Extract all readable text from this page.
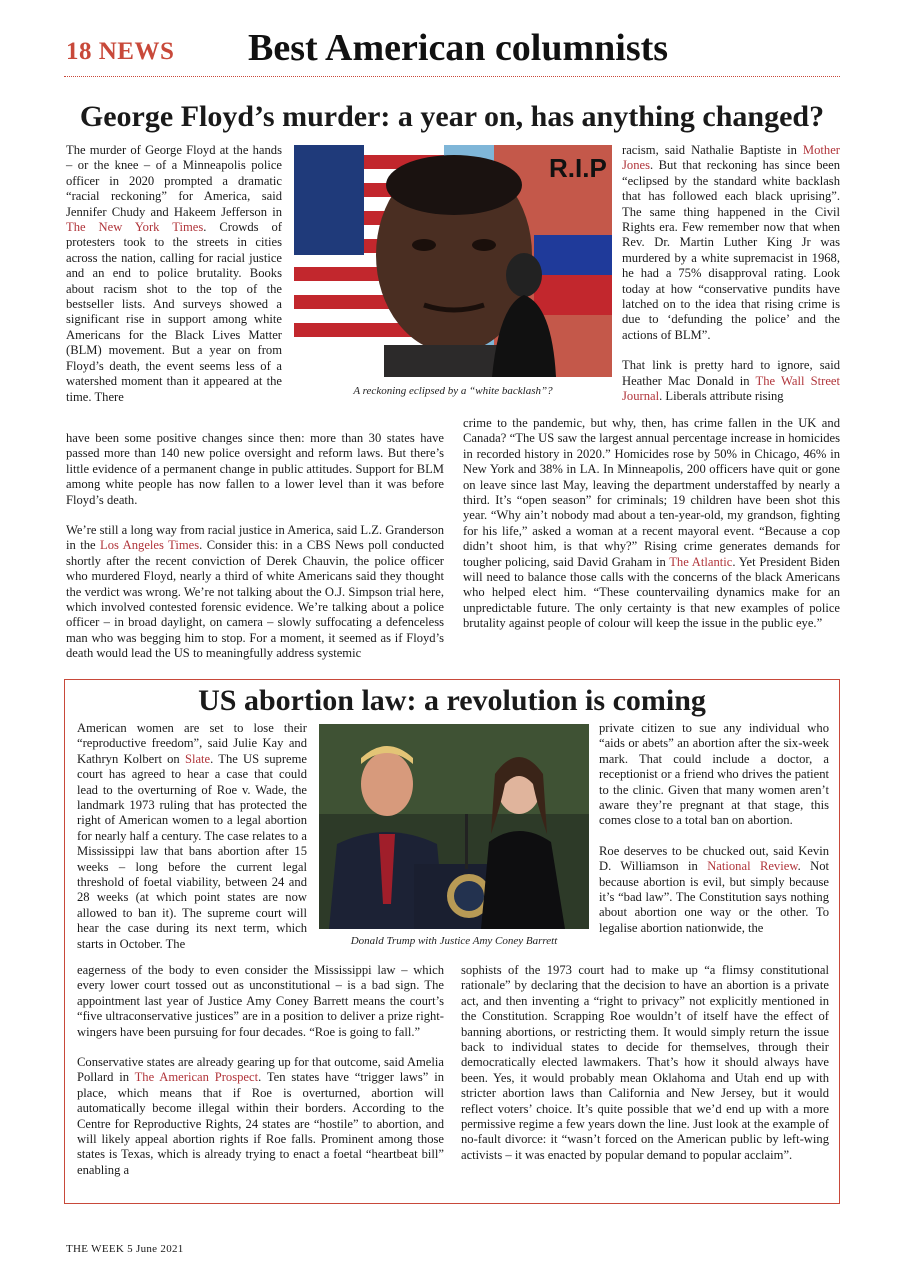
18 NEWS Best American columnists
George Floyd’s murder: a year on, has anything changed?
The murder of George Floyd at the hands – or the knee – of a Minneapolis police officer in 2020 prompted a dramatic “racial reckoning” for America, said Jennifer Chudy and Hakeem Jefferson in The New York Times. Crowds of protesters took to the streets in cities across the nation, calling for racial justice and an end to police brutality. Books about racism shot to the top of the bestseller lists. And surveys showed a significant rise in support among white Americans for the Black Lives Matter (BLM) movement. But a year on from Floyd’s death, the event seems less of a watershed moment than it appeared at the time. There
R.I.P
A reckoning eclipsed by a “white backlash”?
have been some positive changes since then: more than 30 states have passed more than 140 new police oversight and reform laws. But there’s little evidence of a permanent change in public attitudes. Support for BLM among white people has now fallen to a lower level than it was before Floyd’s death.
We’re still a long way from racial justice in America, said L.Z. Granderson in the Los Angeles Times. Consider this: in a CBS News poll conducted shortly after the recent conviction of Derek Chauvin, the police officer who murdered Floyd, nearly a third of white Americans said they thought the verdict was wrong. We’re not talking about the O.J. Simpson trial here, which involved contested forensic evidence. We’re talking about a police officer – in broad daylight, on camera – slowly suffocating a defenceless man who was begging him to stop. For a moment, it seemed as if Floyd’s death would lead the US to meaningfully address systemic
racism, said Nathalie Baptiste in Mother Jones. But that reckoning has since been “eclipsed by the standard white backlash that has followed each black uprising”. The same thing happened in the Civil Rights era. Few remember now that when Rev. Dr. Martin Luther King Jr was murdered by a white supremacist in 1968, he had a 75% disapproval rating. Look today at how “conservative pundits have latched on to the idea that rising crime is due to ‘defunding the police’ and the actions of BLM”.
That link is pretty hard to ignore, said Heather Mac Donald in The Wall Street Journal. Liberals attribute rising
crime to the pandemic, but why, then, has crime fallen in the UK and Canada? “The US saw the largest annual percentage increase in homicides in recorded history in 2020.” Homicides rose by 50% in Chicago, 46% in New York and 38% in LA. In Minneapolis, 200 officers have quit or gone on leave since last May, leaving the department understaffed by nearly a third. It’s “open season” for criminals; 19 children have been shot this year. “Why ain’t nobody mad about a ten-year-old, my grandson, fighting for his life,” asked a woman at a recent mayoral event. “Because a cop didn’t shoot him, is that why?” Rising crime generates demands for tougher policing, said David Graham in The Atlantic. Yet President Biden will need to balance those calls with the concerns of the black Americans who helped elect him. “These countervailing dynamics make for an unpredictable future. The only certainty is that new examples of police brutality against people of colour will keep the issue in the public eye.”
US abortion law: a revolution is coming
American women are set to lose their “reproductive freedom”, said Julie Kay and Kathryn Kolbert on Slate. The US supreme court has agreed to hear a case that could lead to the overturning of Roe v. Wade, the landmark 1973 ruling that has protected the right of American women to a legal abortion for nearly half a century. The case relates to a Mississippi law that bans abortion after 15 weeks – long before the current legal threshold of foetal viability, between 24 and 28 weeks (at which point states are now allowed to ban it). The supreme court will hear the case during its next term, which starts in October. The	Donald Trump with Justice Amy Coney Barrett
eagerness of the body to even consider the Mississippi law – which every lower court tossed out as unconstitutional – is a bad sign. The appointment last year of Justice Amy Coney Barrett means the court’s “five ultraconservative justices” are in a position to deliver a prize right-wingers have been pursuing for four decades. “Roe is going to fall.”
Conservative states are already gearing up for that outcome, said Amelia Pollard in The American Prospect. Ten states have “trigger laws” in place, which means that if Roe is overturned, abortion will automatically become illegal within their borders. According to the Centre for Reproductive Rights, 24 states are “hostile” to abortion, and will likely appeal abortion rights if Roe falls. Prominent among those states is Texas, which is already trying to enact a foetal “heartbeat bill” enabling a
private citizen to sue any individual who “aids or abets” an abortion after the six-week mark. That could include a doctor, a receptionist or a friend who drives the patient to the clinic. Given that many women aren’t aware they’re pregnant at that stage, this comes close to a total ban on abortion.
Roe deserves to be chucked out, said Kevin D. Williamson in National Review. Not because abortion is evil, but simply because it’s “bad law”. The Constitution says nothing about abortion one way or the other. To legalise abortion nationwide, the
sophists of the 1973 court had to make up “a flimsy constitutional rationale” by declaring that the decision to have an abortion is a private act, and then inventing a “right to privacy” not explicitly mentioned in the Constitution. Scrapping Roe wouldn’t of itself have the effect of banning abortions, or restricting them. It would simply return the issue back to individual states to decide for themselves, through their democratically elected lawmakers. That’s how it should always have been. Yes, it would probably mean Oklahoma and Utah end up with stricter abortion laws than California and New Jersey, but it would reflect voters’ choice. It’s quite possible that we’d end up with a more permissive regime a few years down the line. Just look at the example of no-fault divorce: it “wasn’t forced on the American public by left-wing activists – it was enacted by popular demand to popular acclaim”.
THE WEEK 5 June 2021
